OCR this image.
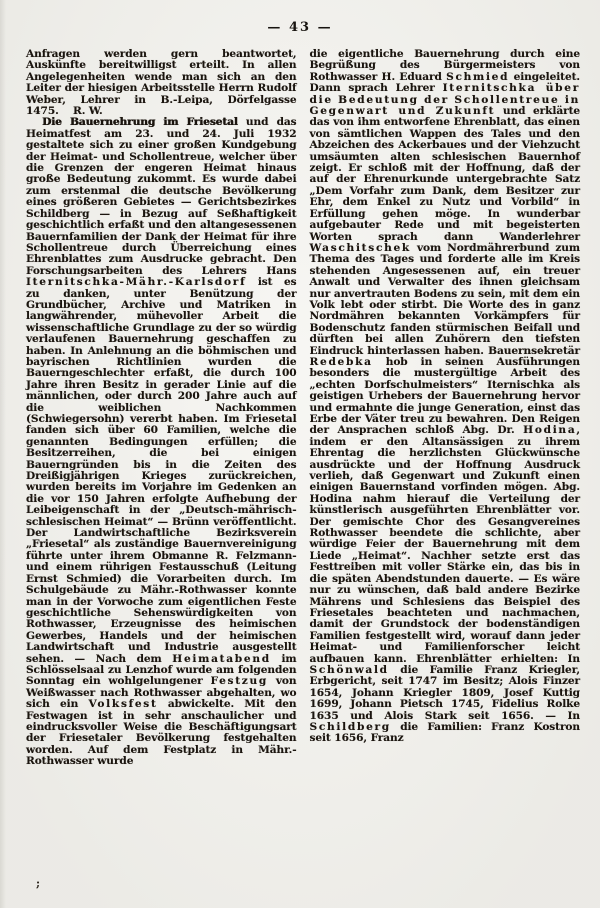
— 43 —

Anfragen werden gern beantwortet, Auskünfte bereitwilligst erteilt. In allen Angelegenheiten wende man sich an den Leiter der hiesigen Arbeitsstelle Herrn Rudolf Weber, Lehrer in B.-Leipa, Dörfelgasse 1475.    R. W.

Die Bauernehrung im Friesetal und das Heimatfest am 23. und 24. Juli 1932 gestaltete sich zu einer großen Kundgebung der Heimat- und Schollentreue, welcher über die Grenzen der engeren Heimat hinaus große Bedeutung zukommt. Es wurde dabei zum erstenmal die deutsche Bevölkerung eines größeren Gebietes — Gerichtsbezirkes Schildberg — in Bezug auf Seßhaftigkeit geschichtlich erfaßt und den altangesessenen Bauernfamilien der Dank der Heimat für ihre Schollentreue durch Überreichung eines Ehrenblattes zum Ausdrucke gebracht. Den Forschungsarbeiten des Lehrers Hans Iternitschka-Mähr.-Karlsdorf ist es zu danken, unter Benützung der Grundbücher, Archive und Matriken in langwährender, mühevoller Arbeit die wissenschaftliche Grundlage zu der so würdig verlaufenen Bauernehrung geschaffen zu haben. In Anlehnung an die böhmischen und bayrischen Richtlinien wurden die Bauerngeschlechter erfaßt, die durch 100 Jahre ihren Besitz in gerader Linie auf die männlichen, oder durch 200 Jahre auch auf die weiblichen Nachkommen (Schwiegersohn) vererbt haben. Im Friesetal fanden sich über 60 Familien, welche die genannten Bedingungen erfüllen; die Besitzerreihen, die bei einigen Bauerngründen bis in die Zeiten des Dreißigjährigen Krieges zurückreichen, wurden bereits im Vorjahre im Gedenken an die vor 150 Jahren erfolgte Aufhebung der Leibeigenschaft in der „Deutsch-mährisch-schlesischen Heimat“ — Brünn veröffentlicht. Der Landwirtschaftliche Bezirksverein „Friesetal“ als zuständige Bauernvereinigung führte unter ihrem Obmanne R. Felzmann- und einem rührigen Festausschuß (Leitung Ernst Schmied) die Vorarbeiten durch. Im Schulgebäude zu Mähr.-Rothwasser konnte man in der Vorwoche zum eigentlichen Feste geschichtliche Sehenswürdigkeiten von Rothwasser, Erzeugnisse des heimischen Gewerbes, Handels und der heimischen Landwirtschaft und Industrie ausgestellt sehen. — Nach dem Heimatabend im Schlösselsaal zu Lenzhof wurde am folgenden Sonntag ein wohlgelungener Festzug von Weißwasser nach Rothwasser abgehalten, wo sich ein Volksfest abwickelte. Mit den Festwagen ist in sehr anschaulicher und eindrucksvoller Weise die Beschäftigungsart der Friesetaler Bevölkerung festgehalten worden. Auf dem Festplatz in Mähr.-Rothwasser wurde

die eigentliche Bauernehrung durch eine Begrüßung des Bürgermeisters von Rothwasser H. Eduard Schmied eingeleitet. Dann sprach Lehrer Iternitschka über die Bedeutung der Schollentreue in Gegenwart und Zukunft und erklärte das von ihm entworfene Ehrenblatt, das einen von sämtlichen Wappen des Tales und den Abzeichen des Ackerbaues und der Viehzucht umsäumten alten schlesischen Bauernhof zeigt. Er schloß mit der Hoffnung, daß der auf der Ehrenurkunde untergebrachte Satz „Dem Vorfahr zum Dank, dem Besitzer zur Ehr, dem Enkel zu Nutz und Vorbild“ in Erfüllung gehen möge. In wunderbar aufgebauter Rede und mit begeisterten Worten sprach dann Wanderlehrer Waschitschek vom Nordmährerbund zum Thema des Tages und forderte alle im Kreis stehenden Angesessenen auf, ein treuer Anwalt und Verwalter des ihnen gleichsam nur anvertrauten Bodens zu sein, mit dem ein Volk lebt oder stirbt. Die Worte des in ganz Nordmähren bekannten Vorkämpfers für Bodenschutz fanden stürmischen Beifall und dürften bei allen Zuhörern den tiefsten Eindruck hinterlassen haben. Bauernsekretär Redebka hob in seinen Ausführungen besonders die mustergültige Arbeit des „echten Dorfschulmeisters“ Iternischka als geistigen Urhebers der Bauernehrung hervor und ermahnte die junge Generation, einst das Erbe der Väter treu zu bewahren. Den Reigen der Ansprachen schloß Abg. Dr. Hodina, indem er den Altansässigen zu ihrem Ehrentag die herzlichsten Glückwünsche ausdrückte und der Hoffnung Ausdruck verlieh, daß Gegenwart und Zukunft einen einigen Bauernstand vorfinden mögen. Abg. Hodina nahm hierauf die Verteilung der künstlerisch ausgeführten Ehrenblätter vor. Der gemischte Chor des Gesangvereines Rothwasser beendete die schlichte, aber würdige Feier der Bauernehrung mit dem Liede „Heimat“. Nachher setzte erst das Festtreiben mit voller Stärke ein, das bis in die späten Abendstunden dauerte. — Es wäre nur zu wünschen, daß bald andere Bezirke Mährens und Schlesiens das Beispiel des Friesetales beachteten und nachmachen, damit der Grundstock der bodenständigen Familien festgestellt wird, worauf dann jeder Heimat- und Familienforscher leicht aufbauen kann. Ehrenblätter erhielten: In Schönwald die Familie Franz Kriegler, Erbgericht, seit 1747 im Besitz; Alois Finzer 1654, Johann Kriegler 1809, Josef Kuttig 1699, Johann Pietsch 1745, Fidelius Rolke 1635 und Alois Stark seit 1656. — In Schildberg die Familien: Franz Kostron seit 1656, Franz

;
